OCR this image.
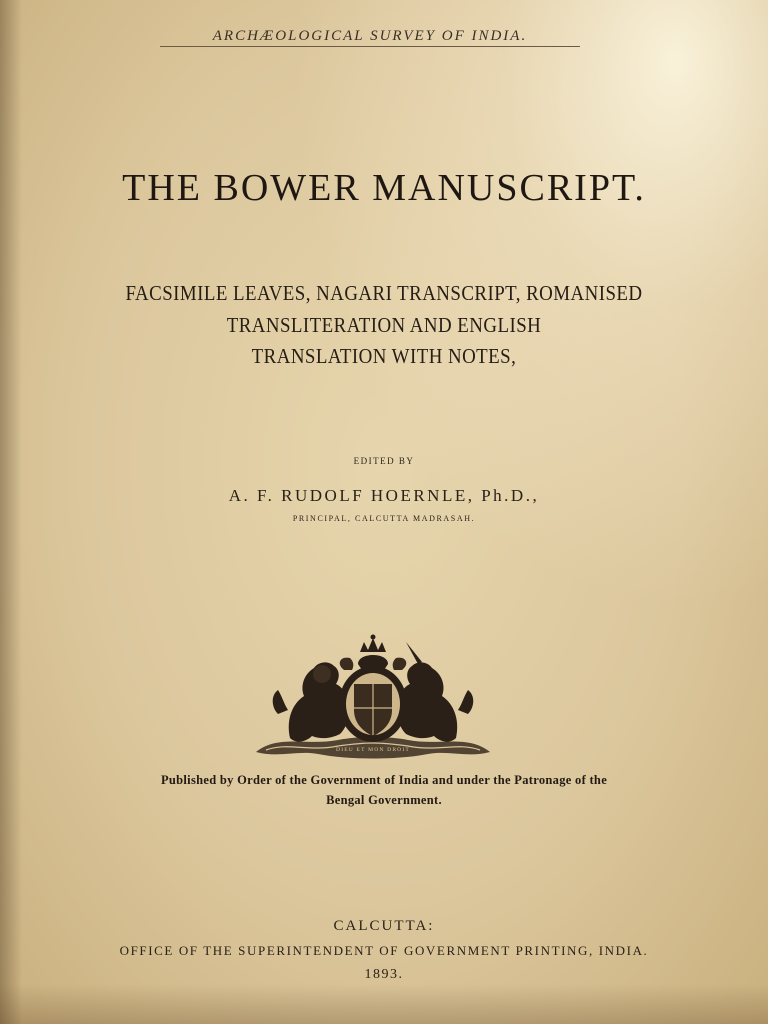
ARCHÆOLOGICAL SURVEY OF INDIA.
THE BOWER MANUSCRIPT.
FACSIMILE LEAVES, NAGARI TRANSCRIPT, ROMANISED
TRANSLITERATION AND ENGLISH
TRANSLATION WITH NOTES,
EDITED BY
A. F. RUDOLF HOERNLE, Ph.D.,
PRINCIPAL, CALCUTTA MADRASAH.
DIEU ET MON DROIT
Published by Order of the Government of India and under the Patronage of the
Bengal Government.
CALCUTTA:
OFFICE OF THE SUPERINTENDENT OF GOVERNMENT PRINTING, INDIA.
1893.
